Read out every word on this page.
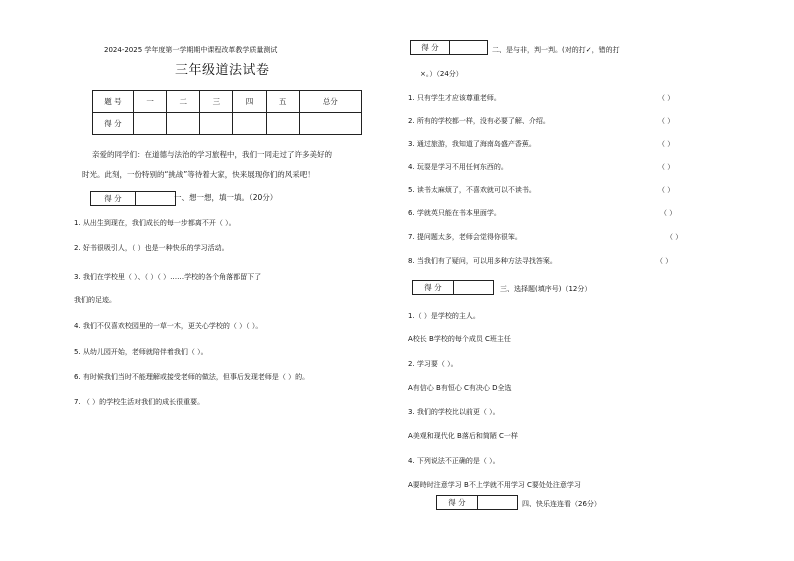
2024-2025 学年度第一学期期中课程改革教学质量测试
三年级道法试卷
题 号	一	二	三	四	五	总分
得 分						
亲爱的同学们：在道德与法治的学习旅程中，我们一同走过了许多美好的
时光。此刻，一份特别的“挑战”等待着大家，快来展现你们的风采吧！
得 分	一、想一想，填一填。（20分）
1. 从出生到现在，我们成长的每一步都离不开（ ）。
2. 好书很吸引人，（ ）也是一种快乐的学习活动。
3. 我们在学校里（ ）、（ ）（ ）……学校的各个角落都留下了
我们的足迹。
4. 我们不仅喜欢校园里的一草一木，更关心学校的（ ）（ ）。
5. 从幼儿园开始，老师就陪伴着我们（ ）。
6. 有时候我们当时不能理解或接受老师的做法，但事后发现老师是（ ）的。
7. （ ）的学校生活对我们的成长很重要。
得 分	二、是与非，判一判。(对的打✓，错的打
×。）（24分）
1. 只有学生才应该尊重老师。	（ ）
2. 所有的学校都一样，没有必要了解、介绍。	（ ）
3. 通过旅游，我知道了海南岛盛产香蕉。	（ ）
4. 玩耍是学习不用任何东西的。	（ ）
5. 读书太麻烦了，不喜欢就可以不读书。	（ ）
6. 学就英只能在书本里面学。	（ ）
7. 提问题太多，老师会觉得你很笨。	（ ）
8. 当我们有了疑问，可以用多种方法寻找答案。	（ ）
得 分	三、选择题(填序号)（12分）
1.（ ）是学校的主人。
A校长 B学校的每个成员 C班主任
2. 学习要（ ）。
A有信心 B有恒心 C有决心 D全选
3. 我们的学校比以前更（ ）。
A美观和现代化 B落后和简陋 C一样
4. 下列说法不正确的是（ ）。
A要時时注意学习 B不上学就不用学习 C要处处注意学习
得 分	四、快乐连连看（26分）
